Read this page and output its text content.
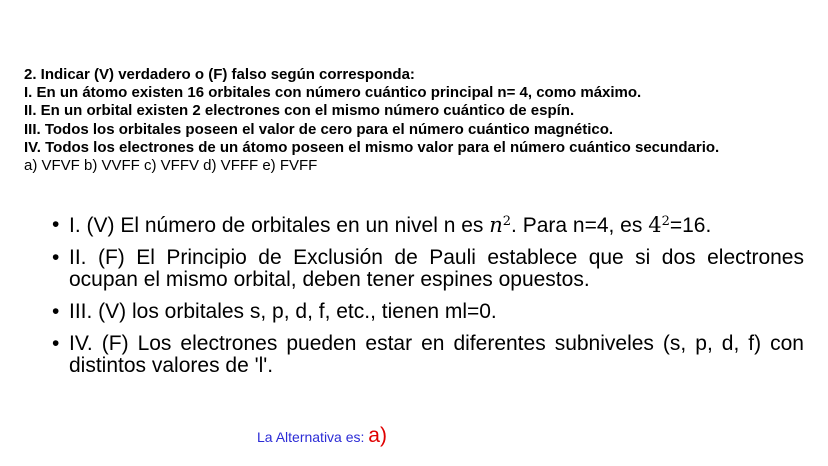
2. Indicar (V) verdadero o (F) falso según corresponda:

I. En un átomo existen 16 orbitales con número cuántico principal n= 4, como máximo.

II. En un orbital existen 2 electrones con el mismo número cuántico de espín.

III. Todos los orbitales poseen el valor de cero para el número cuántico magnético.

IV. Todos los electrones de un átomo poseen el mismo valor para el número cuántico secundario.

a) VFVF b) VVFF c) VFFV d) VFFF e) FVFF

• I. (V) El número de orbitales en un nivel n es $n^2$. Para n=4, es $4^2=16$.
• II. (F) El Principio de Exclusión de Pauli establece que si dos electrones ocupan el mismo orbital, deben tener espines opuestos.
• III. (V) los orbitales s, p, d, f, etc., tienen ml=0.
• IV. (F) Los electrones pueden estar en diferentes subniveles (s, p, d, f) con distintos valores de 'l'.
La Alternativa es: a)
